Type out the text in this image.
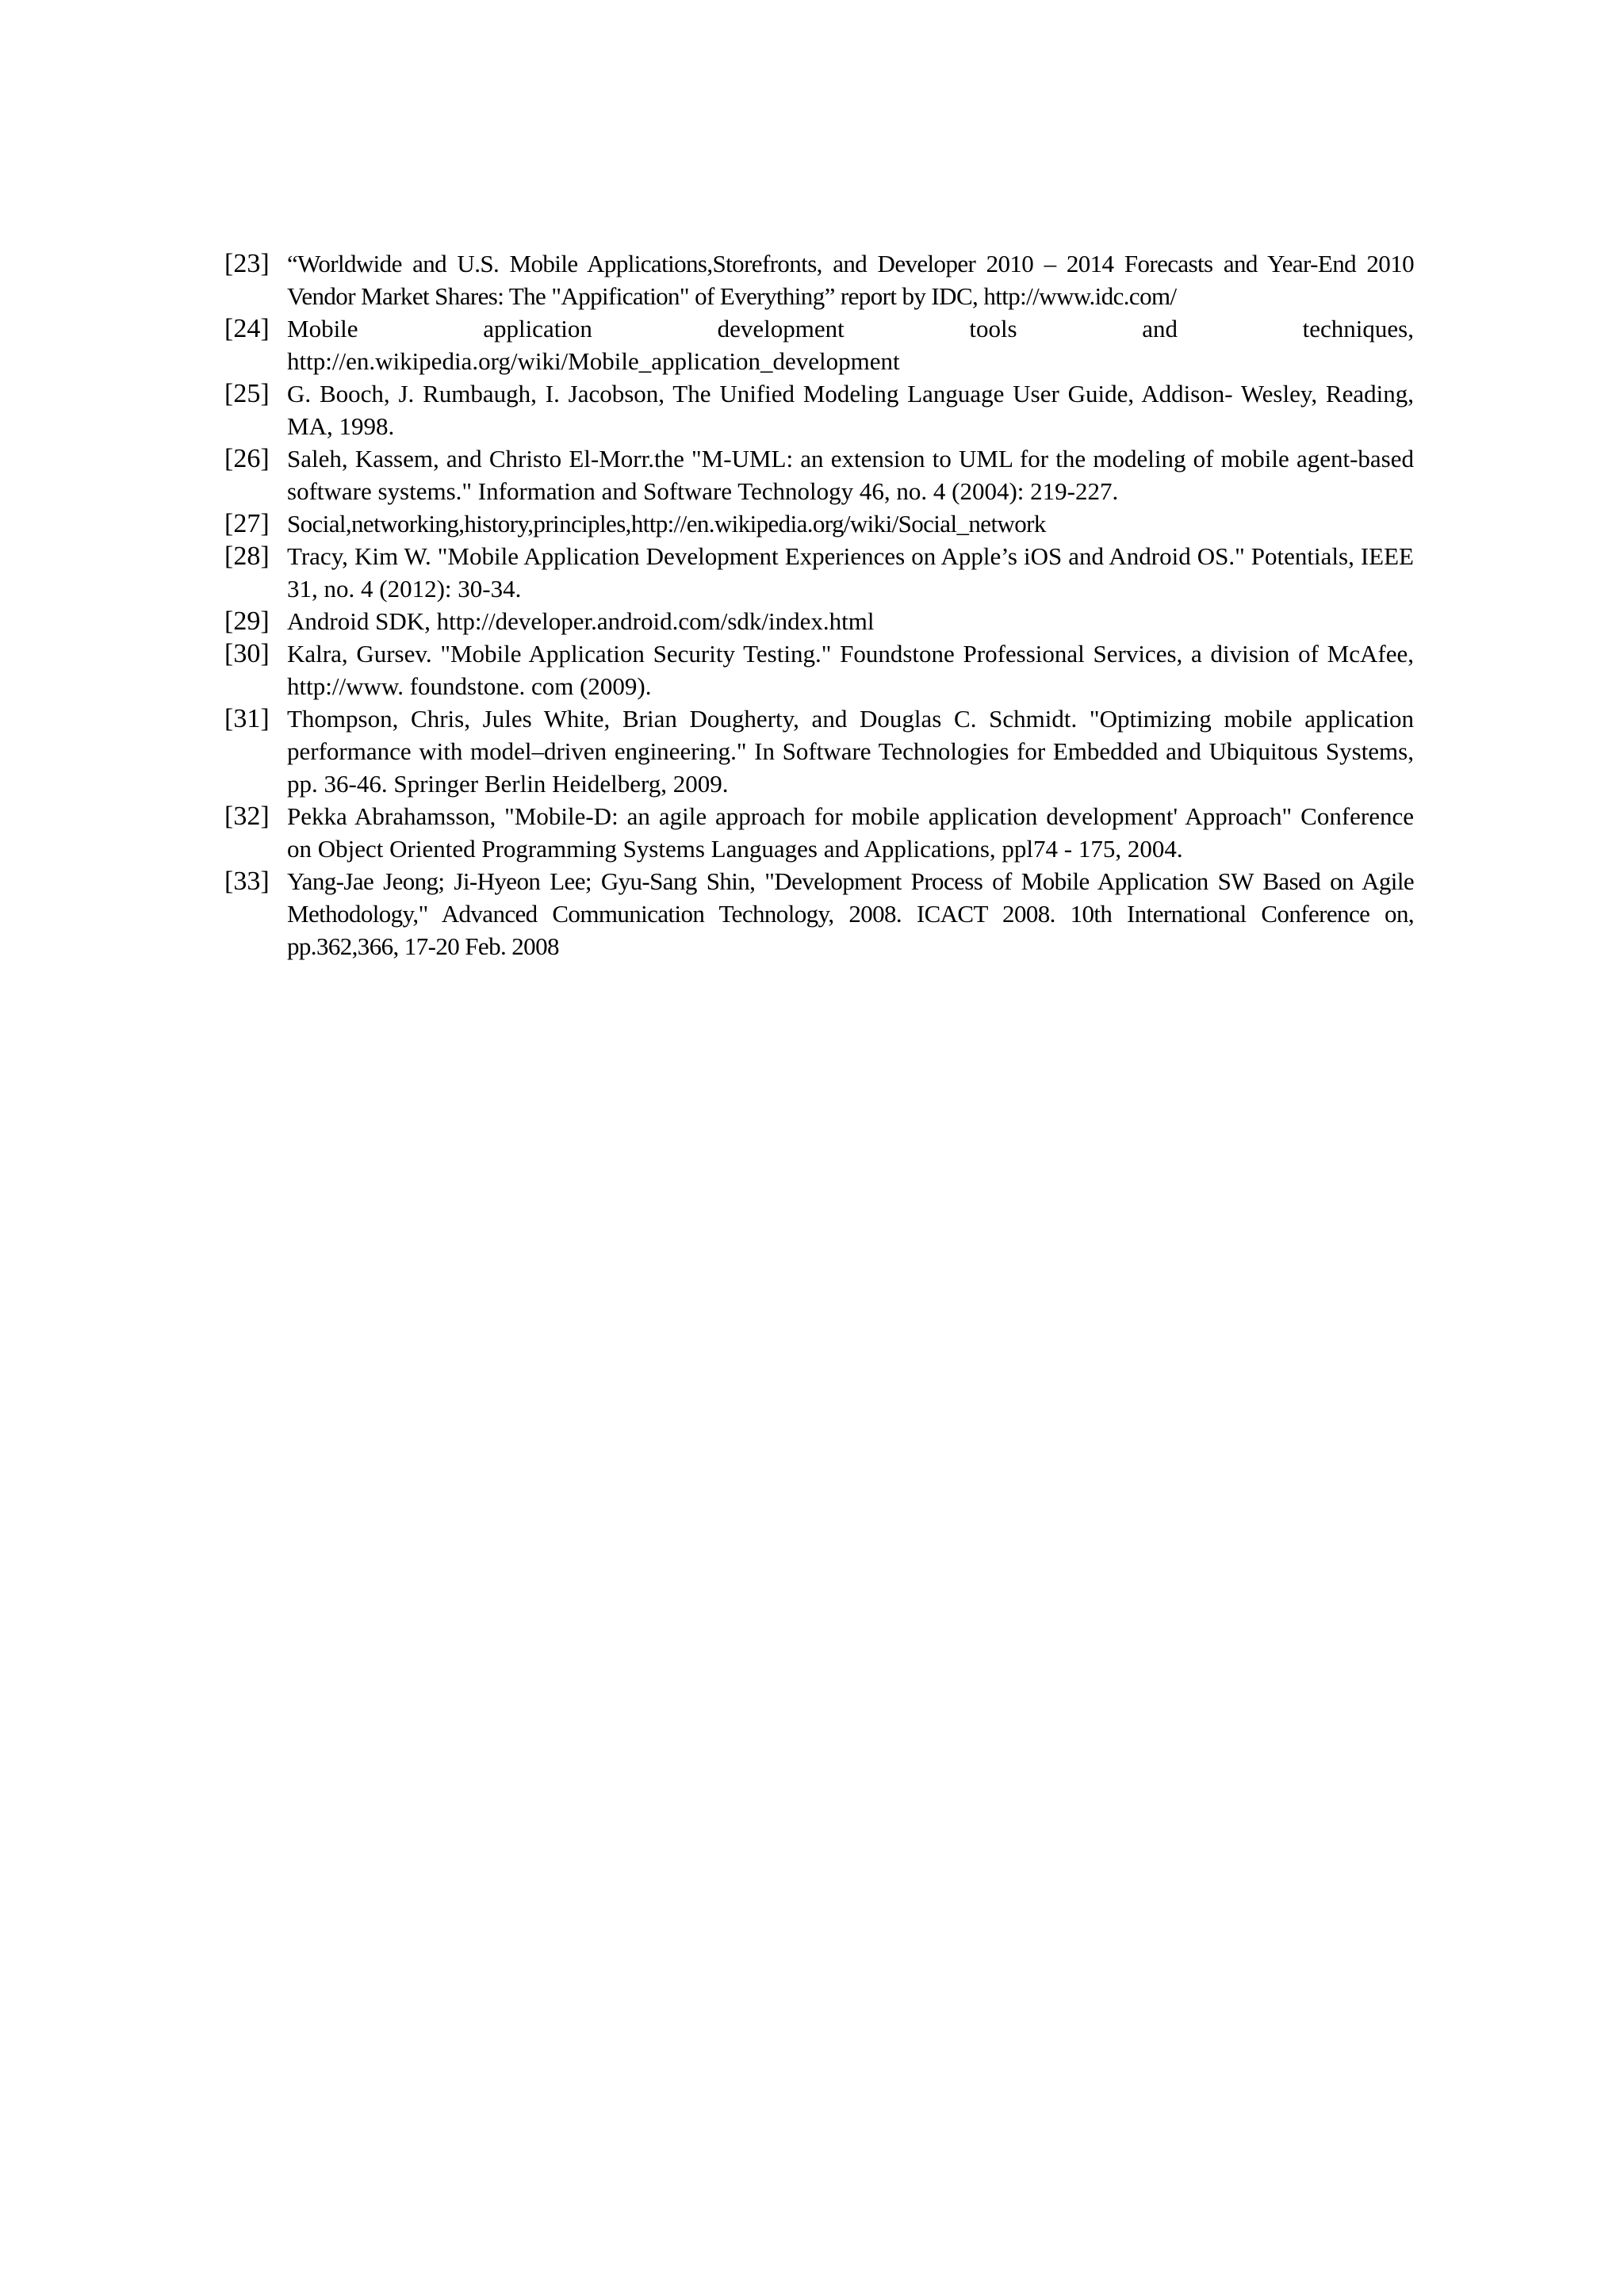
[23] “Worldwide and U.S. Mobile Applications,Storefronts, and Developer 2010 – 2014 Forecasts and Year-End 2010 Vendor Market Shares: The "Appification" of Everything” report by IDC, http://www.idc.com/

[24] Mobile application development tools and techniques, http://en.wikipedia.org/wiki/Mobile_application_development

[25] G. Booch, J. Rumbaugh, I. Jacobson, The Unified Modeling Language User Guide, Addison- Wesley, Reading, MA, 1998.

[26] Saleh, Kassem, and Christo El-Morr.the "M-UML: an extension to UML for the modeling of mobile agent-based software systems." Information and Software Technology 46, no. 4 (2004): 219-227.

[27] Social,networking,history,principles,http://en.wikipedia.org/wiki/Social_network

[28] Tracy, Kim W. "Mobile Application Development Experiences on Apple’s iOS and Android OS." Potentials, IEEE 31, no. 4 (2012): 30-34.

[29] Android SDK, http://developer.android.com/sdk/index.html

[30] Kalra, Gursev. "Mobile Application Security Testing." Foundstone Professional Services, a division of McAfee, http://www. foundstone. com (2009).

[31] Thompson, Chris, Jules White, Brian Dougherty, and Douglas C. Schmidt. "Optimizing mobile application performance with model–driven engineering." In Software Technologies for Embedded and Ubiquitous Systems, pp. 36-46. Springer Berlin Heidelberg, 2009.

[32] Pekka Abrahamsson, "Mobile-D: an agile approach for mobile application development' Approach" Conference on Object Oriented Programming Systems Languages and Applications, ppl74 - 175, 2004.

[33] Yang-Jae Jeong; Ji-Hyeon Lee; Gyu-Sang Shin, "Development Process of Mobile Application SW Based on Agile Methodology," Advanced Communication Technology, 2008. ICACT 2008. 10th International Conference on, pp.362,366, 17-20 Feb. 2008
